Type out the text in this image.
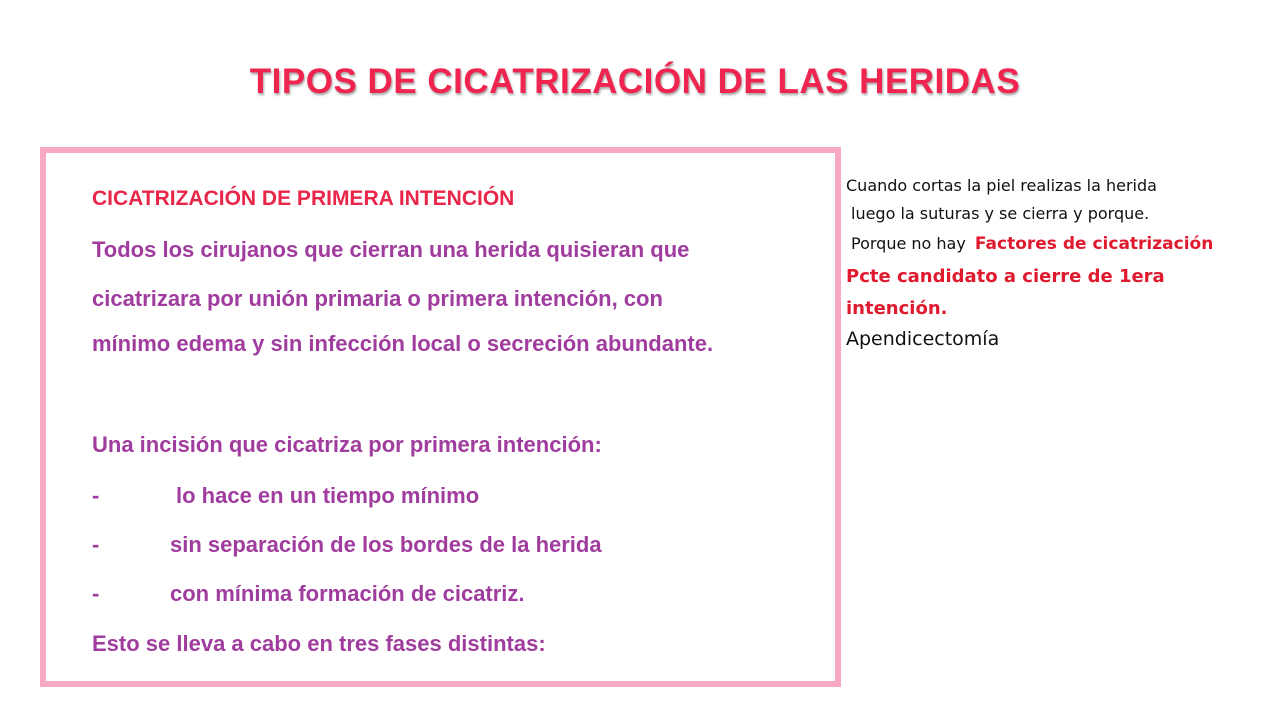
TIPOS DE CICATRIZACIÓN DE LAS HERIDAS
CICATRIZACIÓN DE PRIMERA INTENCIÓN
Todos los cirujanos que cierran una herida quisieran que
cicatrizara por unión primaria o primera intención, con
mínimo edema y sin infección local o secreción abundante.
Una incisión que cicatriza por primera intención:
-	lo hace en un tiempo mínimo
-	sin separación de los bordes de la herida
-	con mínima formación de cicatriz.
Esto se lleva a cabo en tres fases distintas:
Cuando cortas la piel realizas la herida
luego la suturas y se cierra y porque.
Porque no hay Factores de cicatrización
Pcte candidato a cierre de 1era
intención.
Apendicectomía
